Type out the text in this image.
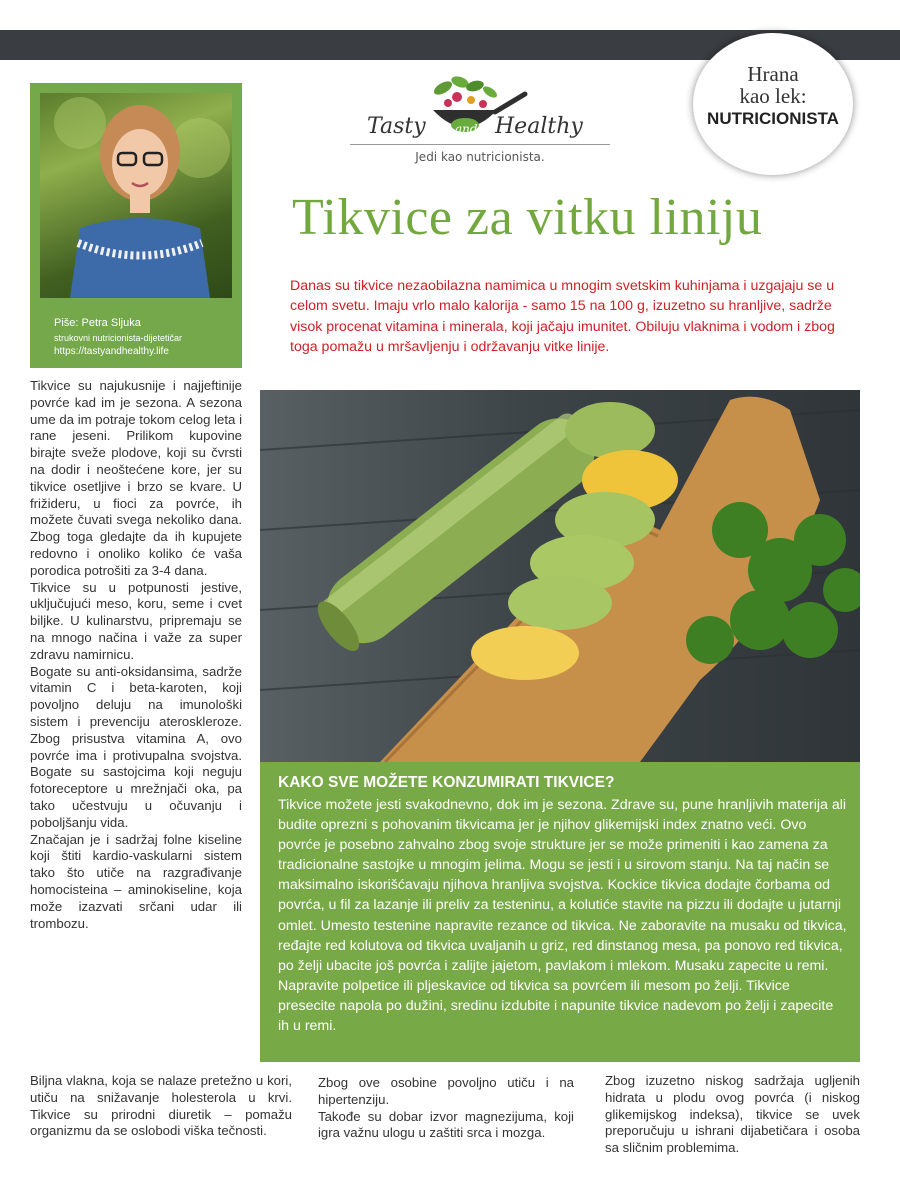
Tasty and Healthy
Jedi kao nutricionista.
Hrana
kao lek:
NUTRICIONISTA
Piše: Petra Sljuka
strukovni nutricionista-dijetetičar
https://tastyandhealthy.life
Tikvice za vitku liniju

Danas su tikvice nezaobilazna namimica u mnogim svetskim kuhinjama i uzgajaju se u celom svetu. Imaju vrlo malo kalorija - samo 15 na 100 g, izuzetno su hranljive, sadrže visok procenat vitamina i minerala, koji jačaju imunitet. Obiluju vlaknima i vodom i zbog toga pomažu u mršavljenju i održavanju vitke linije.

Tikvice su najukusnije i najjeftinije povrće kad im je sezona. A sezona ume da im potraje tokom celog leta i rane jeseni. Prilikom kupovine birajte sveže plodove, koji su čvrsti na dodir i neoštećene kore, jer su tikvice osetljive i brzo se kvare. U frižideru, u fioci za povrće, ih možete čuvati svega nekoliko dana. Zbog toga gledajte da ih kupujete redovno i onoliko koliko će vaša porodica potrošiti za 3-4 dana.

Tikvice su u potpunosti jestive, uključujući meso, koru, seme i cvet biljke. U kulinarstvu, pripremaju se na mnogo načina i važe za super zdravu namirnicu.

Bogate su anti-oksidansima, sadrže vitamin C i beta-karoten, koji povoljno deluju na imunološki sistem i prevenciju ateroskleroze. Zbog prisustva vitamina A, ovo povrće ima i protivupalna svojstva. Bogate su sastojcima koji neguju fotoreceptore u mrežnjači oka, pa tako učestvuju u očuvanju i poboljšanju vida.

Značajan je i sadržaj folne kiseline koji štiti kardio-vaskularni sistem tako što utiče na razgrađivanje homocisteina – aminokiseline, koja može izazvati srčani udar ili trombozu.

KAKO SVE MOŽETE KONZUMIRATI TIKVICE?

Tikvice možete jesti svakodnevno, dok im je sezona. Zdrave su, pune hranljivih materija ali budite oprezni s pohovanim tikvicama jer je njihov glikemijski index znatno veći. Ovo povrće je posebno zahvalno zbog svoje strukture jer se može primeniti i kao zamena za tradicionalne sastojke u mnogim jelima. Mogu se jesti i u sirovom stanju. Na taj način se maksimalno iskorišćavaju njihova hranljiva svojstva. Kockice tikvica dodajte čorbama od povrća, u fil za lazanje ili preliv za testeninu, a kolutiće stavite na pizzu ili dodajte u jutarnji omlet. Umesto testenine napravite rezance od tikvica. Ne zaboravite na musaku od tikvica, ređajte red kolutova od tikvica uvaljanih u griz, red dinstanog mesa, pa ponovo red tikvica, po želji ubacite još povrća i zalijte jajetom, pavlakom i mlekom. Musaku zapecite u remi. Napravite polpetice ili pljeskavice od tikvica sa povrćem ili mesom po želji. Tikvice presecite napola po dužini, sredinu izdubite i napunite tikvice nadevom po želji i zapecite ih u remi.

Biljna vlakna, koja se nalaze pretežno u kori, utiču na snižavanje holesterola u krvi. Tikvice su prirodni diuretik – pomažu organizmu da se oslobodi viška tečnosti.

Zbog ove osobine povoljno utiču i na hipertenziju.
Takođe su dobar izvor magnezijuma, koji igra važnu ulogu u zaštiti srca i mozga.

Zbog izuzetno niskog sadržaja ugljenih hidrata u plodu ovog povrća (i niskog glikemijskog indeksa), tikvice se uvek preporučuju u ishrani dijabetičara i osoba sa sličnim problemima.
